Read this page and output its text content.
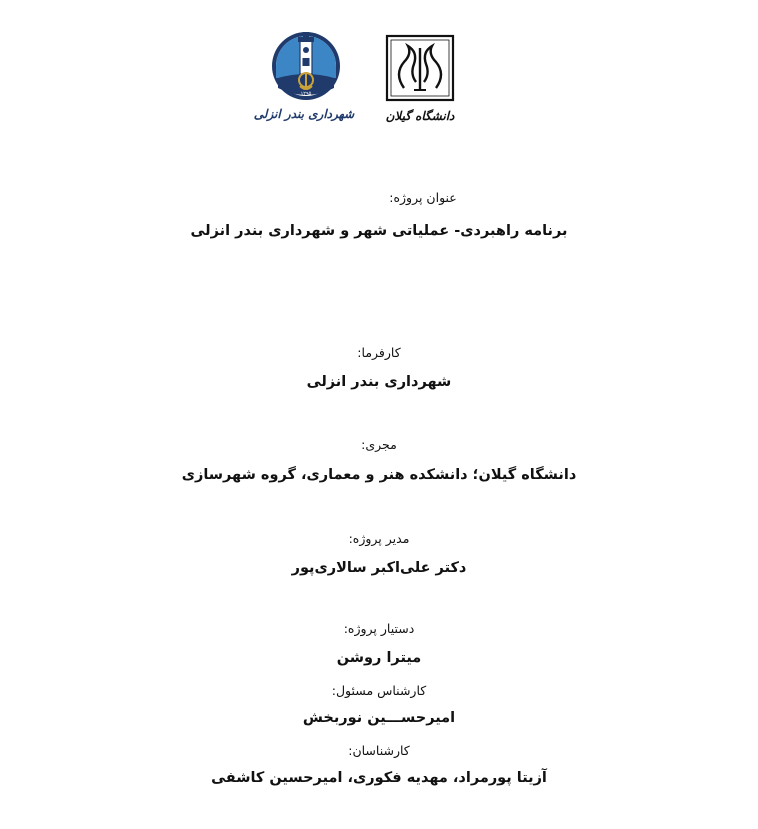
۱۲۹۵
شهرداری بندر انزلی	دانشگاه گیلان
عنوان پروژه:
برنامه راهبردی- عملیاتی شهر و شهرداری بندر انزلی
کارفرما:
شهرداری بندر انزلی
مجری:
دانشگاه گیلان؛ دانشکده هنر و معماری، گروه شهرسازی
مدیر پروژه:
دکتر علی‌اکبر سالاری‌پور
دستیار پروژه:
میترا روشن
کارشناس مسئول:
امیرحســـین نوربخش
کارشناسان:
آزیتا پورمراد، مهدیه فکوری، امیرحسین کاشفی
